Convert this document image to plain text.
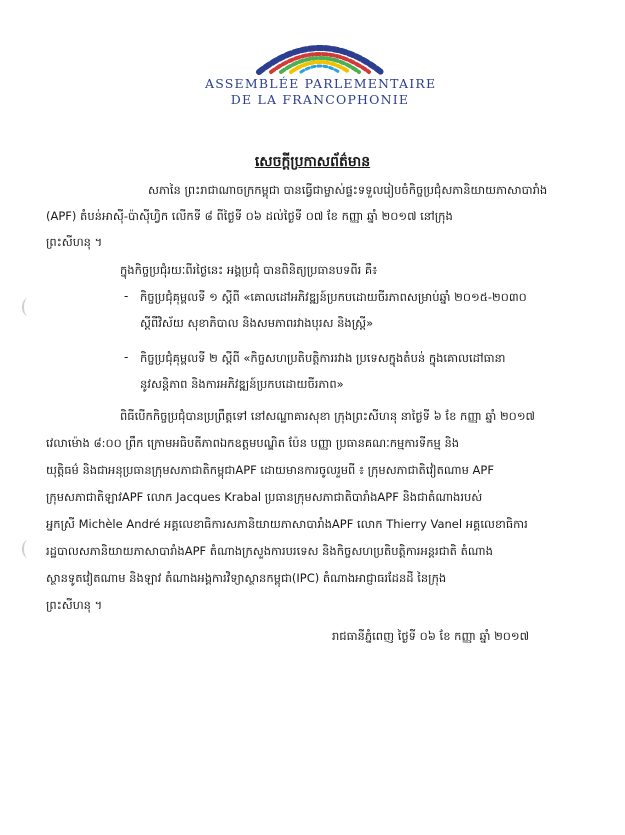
ASSEMBLÉE PARLEMENTAIRE
DE LA FRANCOPHONIE
សេចក្តីប្រកាសព័ត៌មាន
សភានៃ ព្រះរាជាណាចក្រកម្ពុជា បានធ្វើជាម្ចាស់ផ្ទះទទួលរៀបចំកិច្ចប្រជុំសភានិយាយភាសាបារាំង
(APF) តំបន់អាស៊ី-ប៉ាស៊ីហ្វិក លើកទី ៨ ពីថ្ងៃទី ០៦ ដល់ថ្ងៃទី ០៧ ខែ កញ្ញា ឆ្នាំ ២០១៧ នៅក្រុង
ព្រះសីហនុ ។
ក្នុងកិច្ចប្រជុំរយៈពីរថ្ងៃនេះ អង្គប្រជុំ បានពិនិត្យប្រធានបទពីរ គឺ៖
- កិច្ចប្រជុំគុម្ពលទី ១ ស្តីពី «គោលដៅអភិវឌ្ឍន៍ប្រកបដោយចីរភាពសម្រាប់ឆ្នាំ ២០១៥-២០៣០
ស្តីពីវិស័យ សុខាភិបាល និងសមភាពរវាងបុរស និងស្ត្រី»
- កិច្ចប្រជុំគុម្ពលទី ២ ស្តីពី «កិច្ចសហប្រតិបត្តិការរវាង ប្រទេសក្នុងតំបន់ ក្នុងគោលដៅធានា
នូវសន្តិភាព និងការអភិវឌ្ឍន៍ប្រកបដោយចីរភាព»
ពិធីបើកកិច្ចប្រជុំបានប្រព្រឹត្តទៅ នៅសណ្ឋាគារសុខា ក្រុងព្រះសីហនុ នាថ្ងៃទី ៦ ខែ កញ្ញា ឆ្នាំ ២០១៧
វេលាម៉ោង ៨:០០ ព្រឹក ក្រោមអធិបតីភាពឯកឧត្តមបណ្ឌិត ប៉ែន បញ្ញា ប្រធានគណៈកម្មការទីកម្ម និង
យុត្តិធម៌ និងជាអនុប្រធានក្រុមសភាជាតិកម្ពុជាAPF ដោយមានការចូលរួមពី ៖ ក្រុមសភាជាតិវៀតណាម APF
ក្រុមសភាជាតិឡាវAPF លោក Jacques Krabal ប្រធានក្រុមសភាជាតិបារាំងAPF និងជាតំណាងរបស់
អ្នកស្រី Michèle André អគ្គលេខាធិការសភានិយាយភាសាបារាំងAPF លោក Thierry Vanel អគ្គលេខាធិការ
រដ្ឋបាលសភានិយាយភាសាបារាំងAPF តំណាងក្រសួងការបរទេស និងកិច្ចសហប្រតិបត្តិការអន្តរជាតិ តំណាង
ស្ថានទូតវៀតណាម និងឡាវ តំណាងអង្គការវិទ្យាស្ថានកម្ពុជា(IPC) តំណាងអាជ្ញាធរដែនដី នៃក្រុង
ព្រះសីហនុ ។
រាជធានីភ្នំពេញ ថ្ងៃទី ០៦ ខែ កញ្ញា ឆ្នាំ ២០១៧
